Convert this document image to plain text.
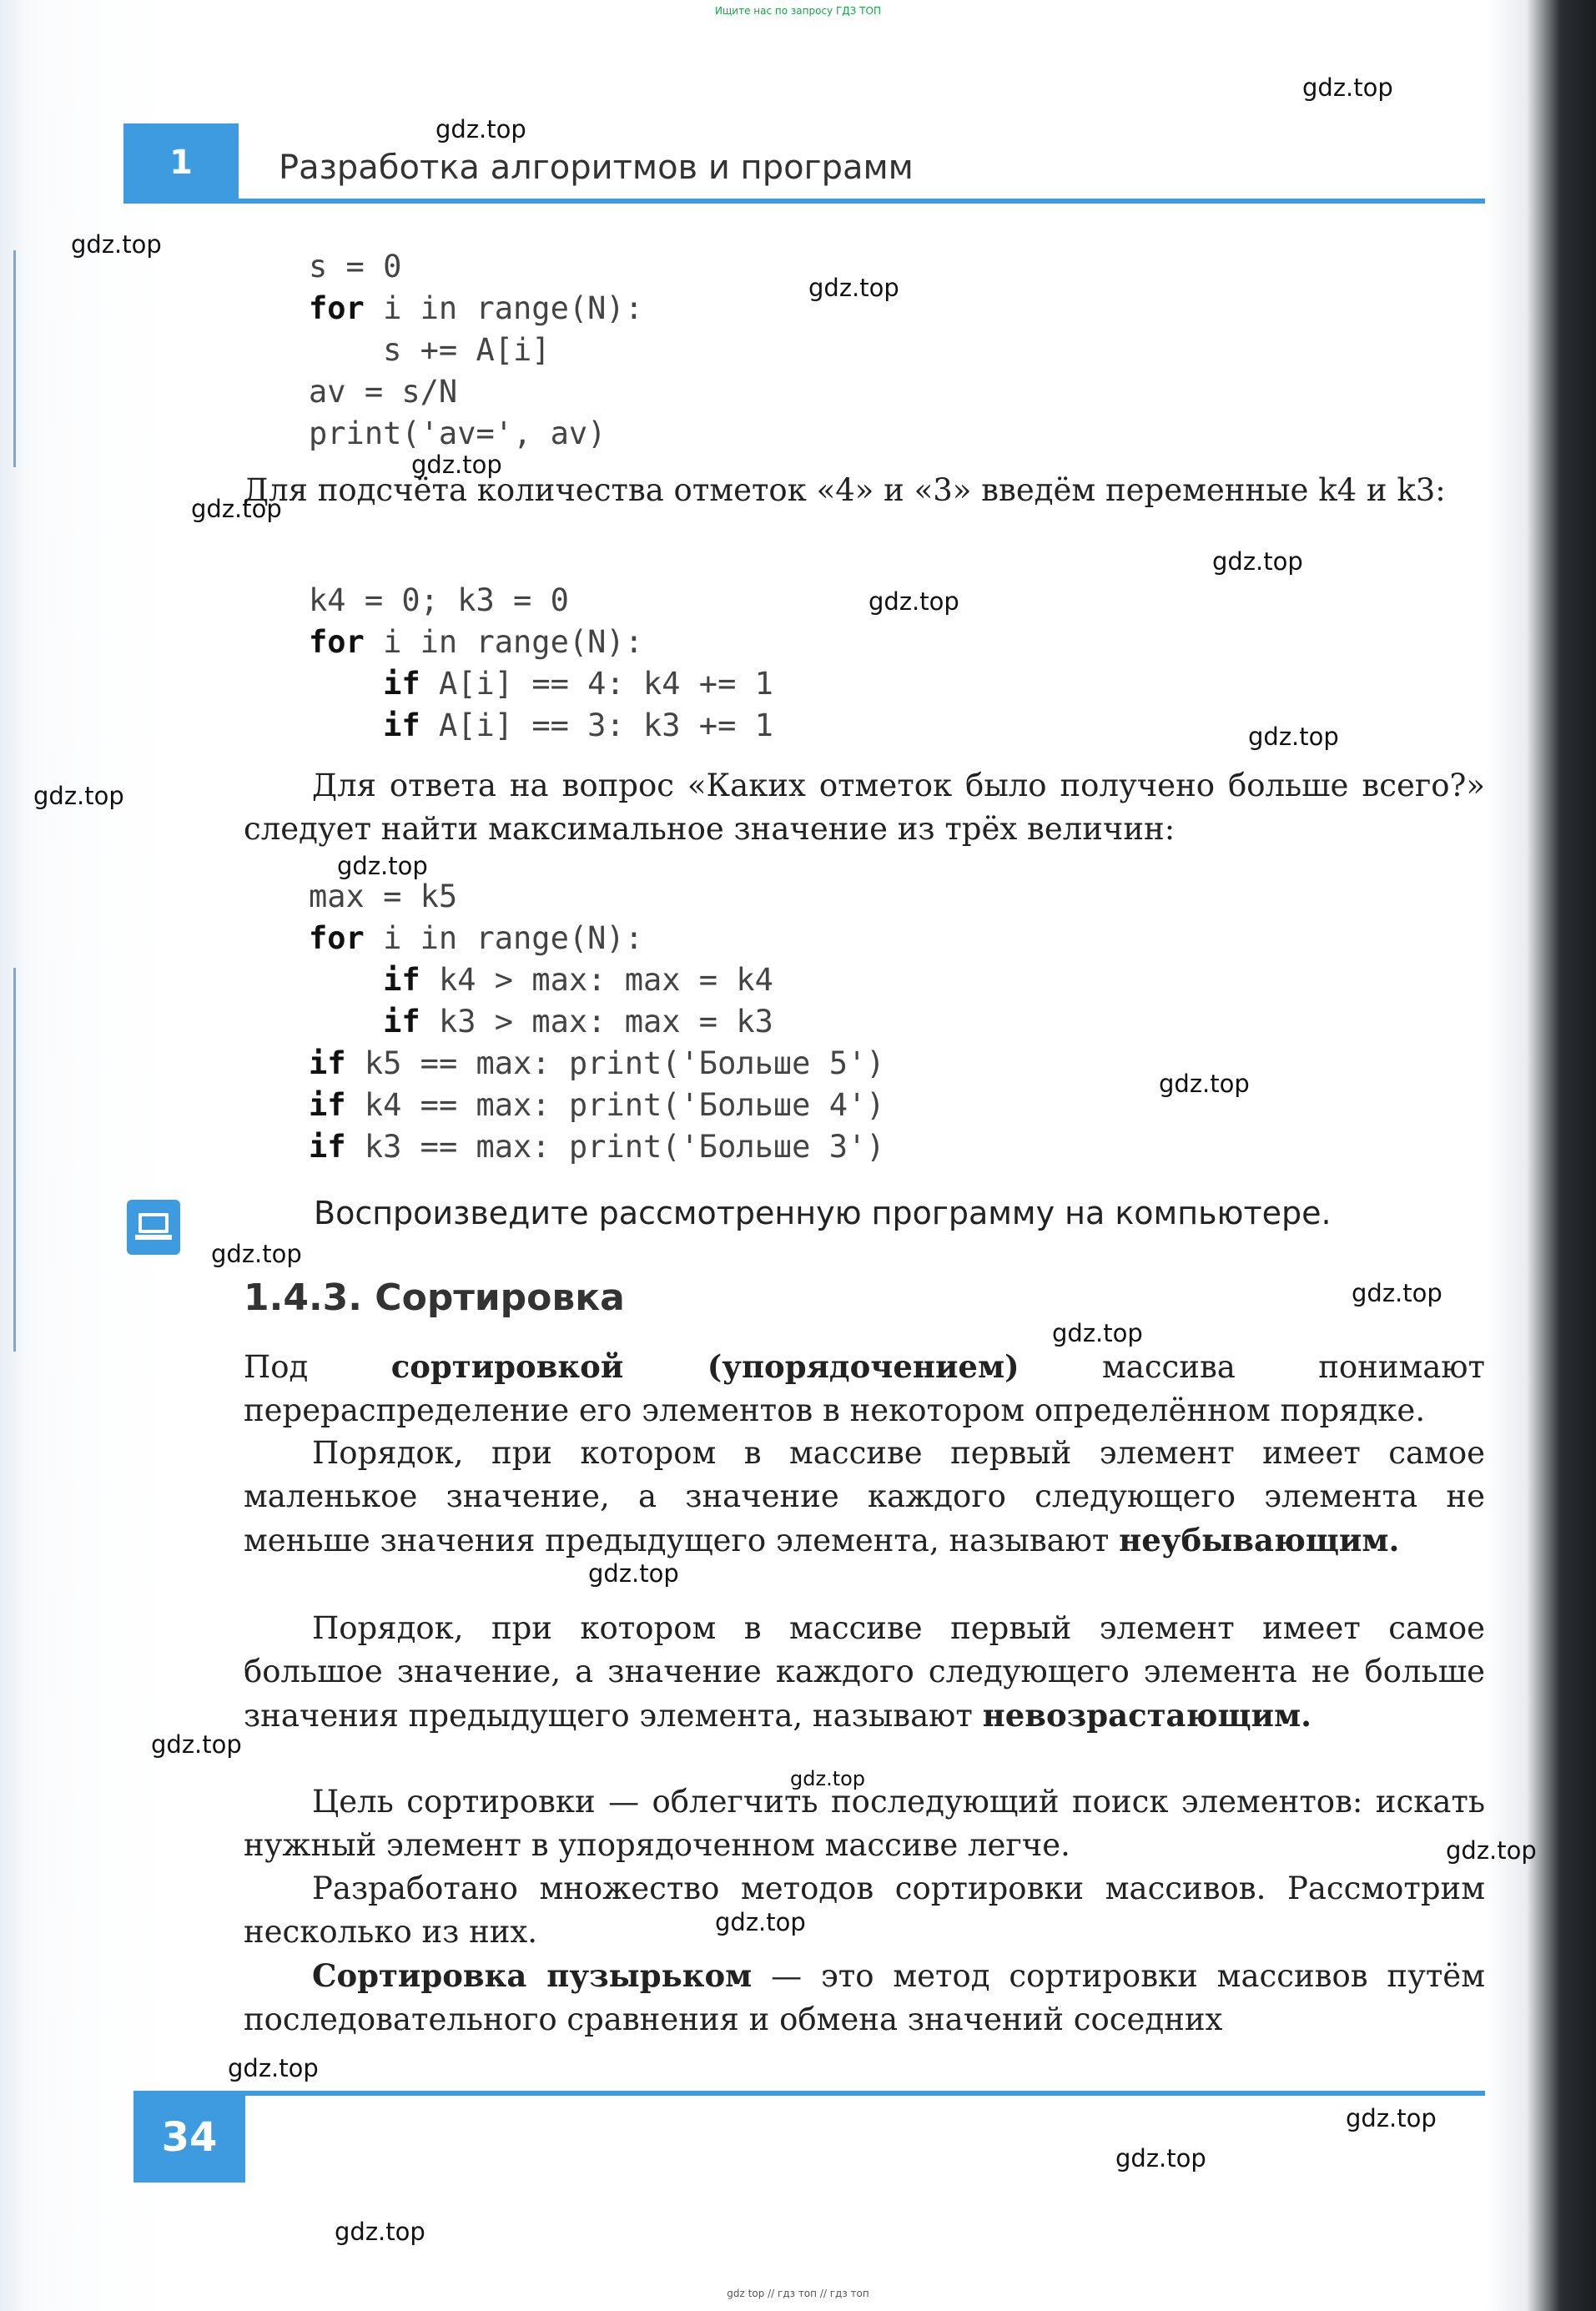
Ищите нас по запросу ГДЗ ТОП
1	Разработка алгоритмов и программ
s = 0
for i in range(N):
s += A[i]
av = s/N
print('av=', av)
Для подсчёта количества отметок «4» и «3» введём переменные k4 и k3:
k4 = 0; k3 = 0
for i in range(N):
if A[i] == 4: k4 += 1
if A[i] == 3: k3 += 1
Для ответа на вопрос «Каких отметок было получено больше всего?» следует найти максимальное значение из трёх величин:
max = k5
for i in range(N):
if k4 > max: max = k4
if k3 > max: max = k3
if k5 == max: print('Больше 5')
if k4 == max: print('Больше 4')
if k3 == max: print('Больше 3')
Воспроизведите рассмотренную программу на компьютере.
1.4.3. Сортировка
Под сортировкой (упорядочением) массива понимают перераспределение его элементов в некотором определённом порядке.
Порядок, при котором в массиве первый элемент имеет самое маленькое значение, а значение каждого следующего элемента не меньше значения предыдущего элемента, называют неубывающим.
Порядок, при котором в массиве первый элемент имеет самое большое значение, а значение каждого следующего элемента не больше значения предыдущего элемента, называют невозрастающим.
Цель сортировки — облегчить последующий поиск элементов: искать нужный элемент в упорядоченном массиве легче.
Разработано множество методов сортировки массивов. Рассмотрим несколько из них.
Сортировка пузырьком — это метод сортировки массивов путём последовательного сравнения и обмена значений соседних
34
gdz.top
gdz.top
gdz.top
gdz.top
gdz.top
gdz.top
gdz.top
gdz.top
gdz.top
gdz.top
gdz.top
gdz.top
gdz.top
gdz.top
gdz.top
gdz.top
gdz.top
gdz.top
gdz.top
gdz.top
gdz.top
gdz.top
gdz.top
gdz.top
gdz top // гдз топ // гдз топ
